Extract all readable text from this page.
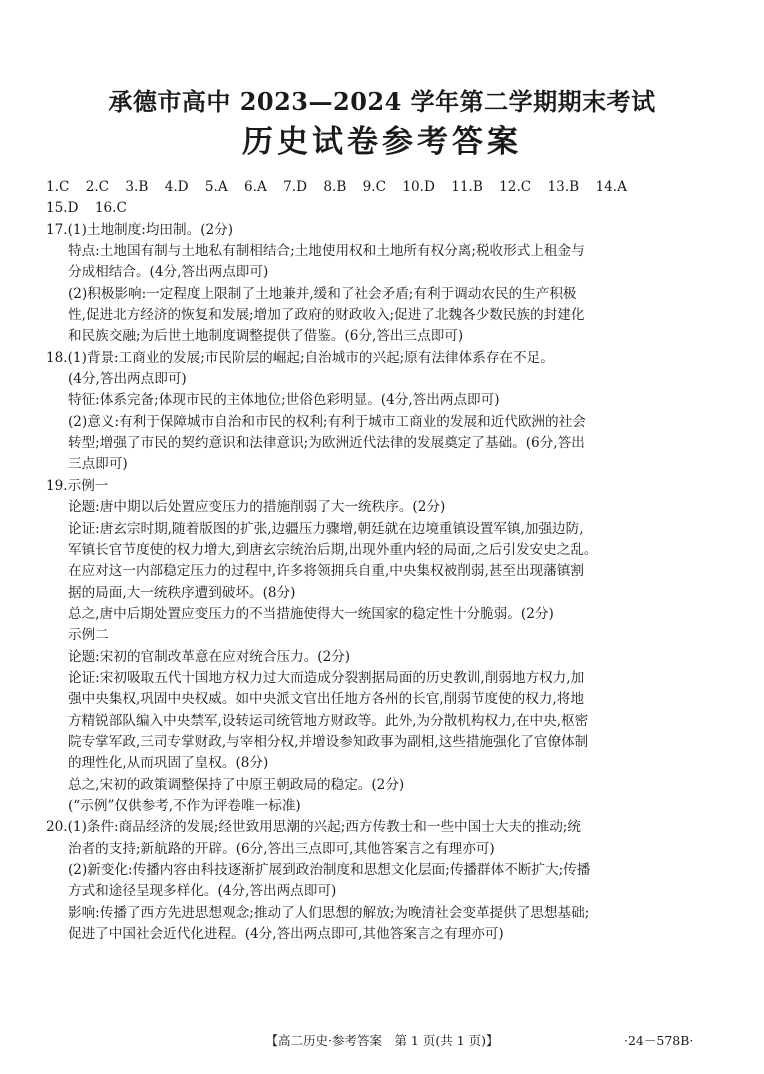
承德市高中 2023—2024 学年第二学期期末考试
历史试卷参考答案
1.C 2.C 3.B 4.D 5.A 6.A 7.D 8.B 9.C 10.D 11.B 12.C 13.B 14.A
15.D 16.C
17.(1)土地制度:均田制。(2分)
特点:土地国有制与土地私有制相结合;土地使用权和土地所有权分离;税收形式上租金与
分成相结合。(4分,答出两点即可)
(2)积极影响:一定程度上限制了土地兼并,缓和了社会矛盾;有利于调动农民的生产积极
性,促进北方经济的恢复和发展;增加了政府的财政收入;促进了北魏各少数民族的封建化
和民族交融;为后世土地制度调整提供了借鉴。(6分,答出三点即可)
18.(1)背景:工商业的发展;市民阶层的崛起;自治城市的兴起;原有法律体系存在不足。
(4分,答出两点即可)
特征:体系完备;体现市民的主体地位;世俗色彩明显。(4分,答出两点即可)
(2)意义:有利于保障城市自治和市民的权利;有利于城市工商业的发展和近代欧洲的社会
转型;增强了市民的契约意识和法律意识;为欧洲近代法律的发展奠定了基础。(6分,答出
三点即可)
19.示例一
论题:唐中期以后处置应变压力的措施削弱了大一统秩序。(2分)
论证:唐玄宗时期,随着版图的扩张,边疆压力骤增,朝廷就在边境重镇设置军镇,加强边防,
军镇长官节度使的权力增大,到唐玄宗统治后期,出现外重内轻的局面,之后引发安史之乱。
在应对这一内部稳定压力的过程中,许多将领拥兵自重,中央集权被削弱,甚至出现藩镇割
据的局面,大一统秩序遭到破坏。(8分)
总之,唐中后期处置应变压力的不当措施使得大一统国家的稳定性十分脆弱。(2分)
示例二
论题:宋初的官制改革意在应对统合压力。(2分)
论证:宋初吸取五代十国地方权力过大而造成分裂割据局面的历史教训,削弱地方权力,加
强中央集权,巩固中央权威。如中央派文官出任地方各州的长官,削弱节度使的权力,将地
方精锐部队编入中央禁军,设转运司统管地方财政等。此外,为分散机构权力,在中央,枢密
院专掌军政,三司专掌财政,与宰相分权,并增设参知政事为副相,这些措施强化了官僚体制
的理性化,从而巩固了皇权。(8分)
总之,宋初的政策调整保持了中原王朝政局的稳定。(2分)
(“示例”仅供参考,不作为评卷唯一标准)
20.(1)条件:商品经济的发展;经世致用思潮的兴起;西方传教士和一些中国士大夫的推动;统
治者的支持;新航路的开辟。(6分,答出三点即可,其他答案言之有理亦可)
(2)新变化:传播内容由科技逐渐扩展到政治制度和思想文化层面;传播群体不断扩大;传播
方式和途径呈现多样化。(4分,答出两点即可)
影响:传播了西方先进思想观念;推动了人们思想的解放;为晚清社会变革提供了思想基础;
促进了中国社会近代化进程。(4分,答出两点即可,其他答案言之有理亦可)
【高二历史·参考答案　第 1 页(共 1 页)】	·24－578B·
